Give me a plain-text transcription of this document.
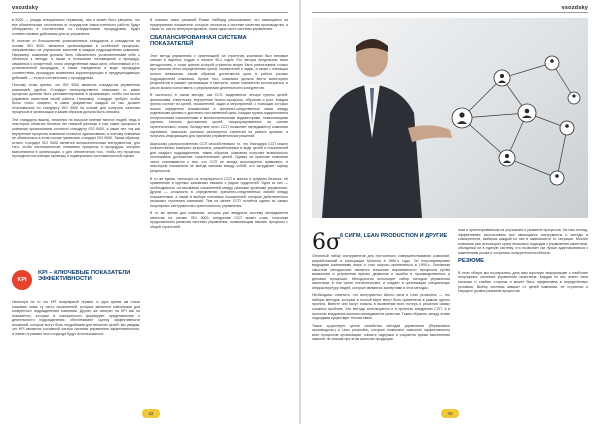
vsozdsky	vsozdsky

в 9000 — (своды специальных терминов), тем и может быть уверены, что все обязательные отклонения от стандартов самостоятельно работы будут обнаружены в соответствии со стандартными процедурами, будет соответствовать действиям для их устранения.

В отличие от большинства установленных стандартов и стандартов на основе ISO 9000, являются организациями в особенной процессах, направленных на улучшение качества в каждом подразделении компании. Например, компании должны быть обязательно установленными себе с областью к метода, а также в отношении поставщиков и процедур, связанных с конкретной, точно определённые наши цели, объективных и т.п. установленной процедуры, а также определены в виде: процедуры соответствия, процедуры выявления корректирующих и предупреждающих действий, — если в соответствии с процедурами.

Поэтому точки зрения, что ISO 9000 является стандартом управления компанией, удобна. Стандарт непосредственно описывает то, какие процессы должны быть регламентированы в организации, чтобы она могла управлять качеством своей работы. Например, стандарт требует, чтобы было точно описано, в каких документах каждый из нас должен отчитываться по стандарту ISO 9000 на основе для контроля качества процессов в организации и каким образом должна быть описана.

Эти стандарты важны, несмотря на высокое мнение многих людей, ведь в некоторых областях бизнеса нет никакой разницы в том, какие процессы в компании организованы согласно стандарту ISO 9000, а какие нет, так как внутренние процессы компании остаются одинаковыми, и поэтому компании не обязательно в этом случае применять стандарт ISO 9000. Таким образом, кстати, стандарт ISO 9000 является вспомогательным инструментом, для того, чтобы систематически описывать процессы и процедуры, которые выполняются в организации, и для обеспечения того, чтобы эти процессы проходили постоянную проверку и подвергались систематической оценке.

KPI
KPI – КЛЮЧЕВЫЕ ПОКАЗАТЕЛИ ЭФФЕКТИВНОСТИ

Несмотря на то что KPI популярный термин, в одно время им стали называть лишь ту часть показателей, которые являются ключевыми для конкретного подразделения компании. Другие же смотрят на KPI как на показатели, которые в совокупности формируют представление о деятельности подразделения, обеспечивают оценку эффективности вложений, которые могут быть неудобными для внешних целей, мы увидим, что KPI являются составной частью системы управления эффективностью, а значит, в рамках этого подхода будут использоваться.

В поисках таких решений Роман Хаббард рассказывает, что имеющиеся на предприятиях показатели, которые относятся к системе качества производства, а также то, как их интерпретировать, лишь одна часть системы управления.

СБАЛАНСИРОВАННАЯ СИСТЕМА ПОКАЗАТЕЛЕЙ

Этот метод управления с ориентацией на стратегию компании был впервые описан в научных трудах в начале 90-х годов. Его авторы предлагали свою методологию, с точки зрения которой стратегия может быть реализована только при наличии четко определённых целей, показателей и задач, а также с помощью ясного понимания, каким образом достигаются цели в работе разных подразделений компании. Кроме того, компания должна вести мониторинг результатов в рамках организации и смотреть, какие показатели используются, и как их можно сопоставить с результатами деятельности конкурентов.

В частности, в таком методе, как ССП, выделяются четыре группы целей: финансовая, клиентская, внутренние бизнес-процессы, обучение и рост. Каждая группа состоит из целей, показателей, задач и мероприятий, с помощью которых можно определить взаимосвязи и причинно-следственные связи между отдельными целями и достигать поставленной цели. Каждая группа подкрепляется контрольными показателями и вспомогательными индикаторами, позволяющими оценить степень достижения целей, сформулированных на основе стратегического плана. Вследствие этого ССП позволяет менеджменту компании оценивать, насколько успешно реализуется стратегия на разных уровнях, и получать информацию для принятия управленческих решений.

Широкому распространению ССП способствовало то, что благодаря ССП можно количественно измерить результаты, разработанные в виде целей и показателей для каждого подразделения, таким образом, компания получает возможность отслеживать достижение стратегических целей. Однако на практике компании часто сталкиваются с тем, что ССП не всегда используется правильно, и некоторые показатели не всегда связаны между собой, что затрудняет оценку результатов.

В то же время, несмотря на популярность ССП в малом и среднем бизнесе, её применение в крупных компаниях связано с рядом трудностей. Одна из них — необходимость согласования показателей между разными уровнями управления. Другая — сложность в определении причинно-следственных связей между показателями, а также в выборе ключевых показателей, которые действительно отражают стратегию компании. Тем не менее ССП остаётся одним из самых популярных инструментов стратегического управления.

В то же время для компании, которая уже внедрила систему менеджмента качества на основе ISO 9000, внедрение ССП может стать логичным продолжением развития системы управления, позволяющим связать процессы с общей стратегией.

6σ
6 СИГМ, LEAN PRODUCTION И ДРУГИЕ

Отличный набор инструментов для постоянного совершенствования компаний, разработанный в корпорации Motorola в 1980-е годы. Он популяризирован ведущими компаниями мира и стал широко применяться в 1990-х. Основным смыслом методологии является снижение вариативности процессов путём выявления и устранения причин дефектов и ошибок в производственных и деловых процессах. Методология использует набор методов управления качеством, в том числе статистических, и создаёт в организации специальную инфраструктуру людей, которые являются экспертами в этих методах.

Необходимо отметить, что инструменты Шесть сигм и Lean production — это наборы методов, которые в полной мере могут быть применены в рамках одного проекта. Вместе они могут помочь в выявлении всех потерь и решении самых сложных проблем. Эти методы используются и в проектах внедрения ССП, и в проектах внедрения системы менеджмента качества. Таким образом, между этими подходами существует тесная связь.

Также существует целое семейство методов управления (бережливое производство) и Lean production, которые позволяют повысить эффективность всех процессов организации, снизить издержки и сократить время выполнения заказов, не снижая при этом качество продукции.

ным и ориентированным на улучшение и развитие процессов. На наш взгляд, эффективнее использовать все имеющиеся инструменты и методы в совокупности, выбирая каждый из них в зависимости от ситуации. Многие компании уже используют сразу несколько подходов к управлению качеством, объединяя их в единую систему, что позволяет им лучше адаптироваться к изменениям рынка и сохранять конкурентоспособность.

РЕЗЮМЕ

В этом обзоре мы постарались дать вам короткую информацию о наиболее популярных системах управления качеством. Каждая из них имеет свои сильные и слабые стороны и может быть эффективна в определённых условиях. Выбор системы зависит от целей компании, её стратегии и текущего уровня развития процессов.

42	43
